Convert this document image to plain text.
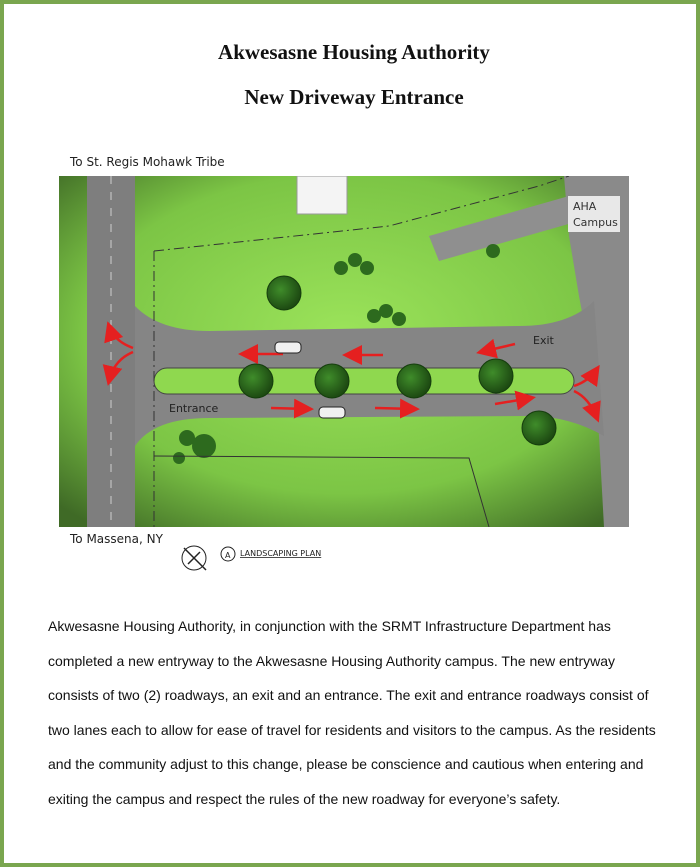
Akwesasne Housing Authority
New Driveway Entrance
To St. Regis Mohawk Tribe
Exit
Entrance
AHA
Campus
To Massena, NY
A LANDSCAPING PLAN

Akwesasne Housing Authority, in conjunction with the SRMT Infrastructure Department has completed a new entryway to the Akwesasne Housing Authority campus. The new entryway consists of two (2) roadways, an exit and an entrance. The exit and entrance roadways consist of two lanes each to allow for ease of travel for residents and visitors to the campus. As the residents and the community adjust to this change, please be conscience and cautious when entering and exiting the campus and respect the rules of the new roadway for everyone’s safety.
